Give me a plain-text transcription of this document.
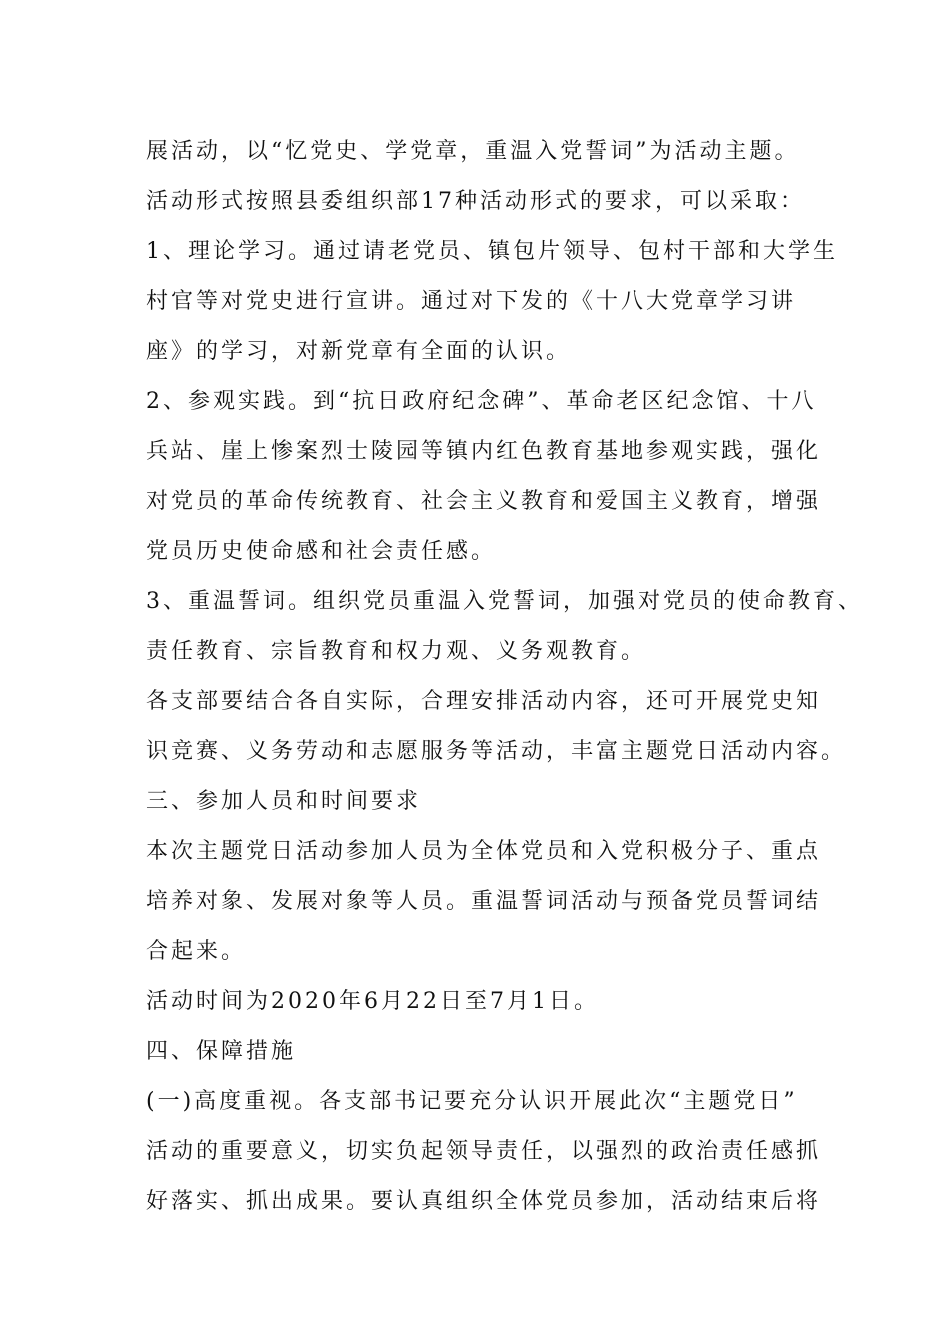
展活动，以“忆党史、学党章，重温入党誓词”为活动主题。
活动形式按照县委组织部17种活动形式的要求，可以采取：
1、理论学习。通过请老党员、镇包片领导、包村干部和大学生
村官等对党史进行宣讲。通过对下发的《十八大党章学习讲
座》的学习，对新党章有全面的认识。
2、参观实践。到“抗日政府纪念碑”、革命老区纪念馆、十八
兵站、崖上惨案烈士陵园等镇内红色教育基地参观实践，强化
对党员的革命传统教育、社会主义教育和爱国主义教育，增强
党员历史使命感和社会责任感。
3、重温誓词。组织党员重温入党誓词，加强对党员的使命教育、
责任教育、宗旨教育和权力观、义务观教育。
各支部要结合各自实际，合理安排活动内容，还可开展党史知
识竞赛、义务劳动和志愿服务等活动，丰富主题党日活动内容。
三、参加人员和时间要求
本次主题党日活动参加人员为全体党员和入党积极分子、重点
培养对象、发展对象等人员。重温誓词活动与预备党员誓词结
合起来。
活动时间为2020年6月22日至7月1日。
四、保障措施
(一)高度重视。各支部书记要充分认识开展此次“主题党日”
活动的重要意义，切实负起领导责任，以强烈的政治责任感抓
好落实、抓出成果。要认真组织全体党员参加，活动结束后将
